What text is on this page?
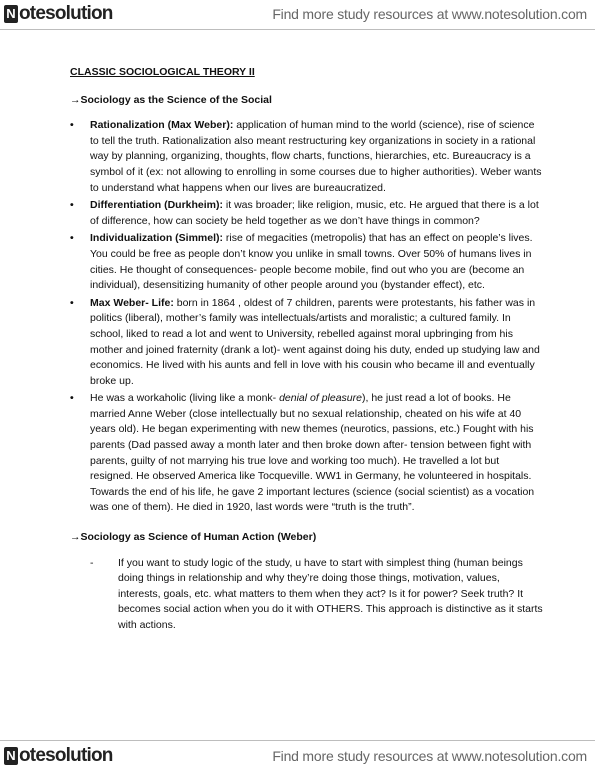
N otesolution	Find more study resources at www.notesolution.com

CLASSIC SOCIOLOGICAL THEORY II

→Sociology as the Science of the Social

• Rationalization (Max Weber): application of human mind to the world (science), rise of science to tell the truth. Rationalization also meant restructuring key organizations in society in a rational way by planning, organizing, thoughts, flow charts, functions, hierarchies, etc. Bureaucracy is a symbol of it (ex: not allowing to enrolling in some courses due to higher authorities). Weber wants to understand what happens when our lives are bureaucratized.
• Differentiation (Durkheim): it was broader; like religion, music, etc. He argued that there is a lot of difference, how can society be held together as we don’t have things in common?
• Individualization (Simmel): rise of megacities (metropolis) that has an effect on people’s lives. You could be free as people don’t know you unlike in small towns. Over 50% of humans lives in cities. He thought of consequences- people become mobile, find out who you are (become an individual), desensitizing humanity of other people around you (bystander effect), etc.
• Max Weber- Life: born in 1864 , oldest of 7 children, parents were protestants, his father was in politics (liberal), mother’s family was intellectuals/artists and moralistic; a cultured family. In school, liked to read a lot and went to University, rebelled against moral upbringing from his mother and joined fraternity (drank a lot)- went against doing his duty, ended up studying law and economics. He lived with his aunts and fell in love with his cousin who became ill and eventually broke up.
• He was a workaholic (living like a monk- denial of pleasure), he just read a lot of books. He married Anne Weber (close intellectually but no sexual relationship, cheated on his wife at 40 years old). He began experimenting with new themes (neurotics, passions, etc.) Fought with his parents (Dad passed away a month later and then broke down after- tension between fight with parents, guilty of not marrying his true love and working too much). He travelled a lot but resigned. He observed America like Tocqueville. WW1 in Germany, he volunteered in hospitals. Towards the end of his life, he gave 2 important lectures (science (social scientist) as a vocation was one of them). He died in 1920, last words were “truth is the truth”.

→Sociology as Science of Human Action (Weber)

- If you want to study logic of the study, u have to start with simplest thing (human beings doing things in relationship and why they’re doing those things, motivation, values, interests, goals, etc. what matters to them when they act? Is it for power? Seek truth? It becomes social action when you do it with OTHERS. This approach is distinctive as it starts with actions.
N otesolution	Find more study resources at www.notesolution.com
